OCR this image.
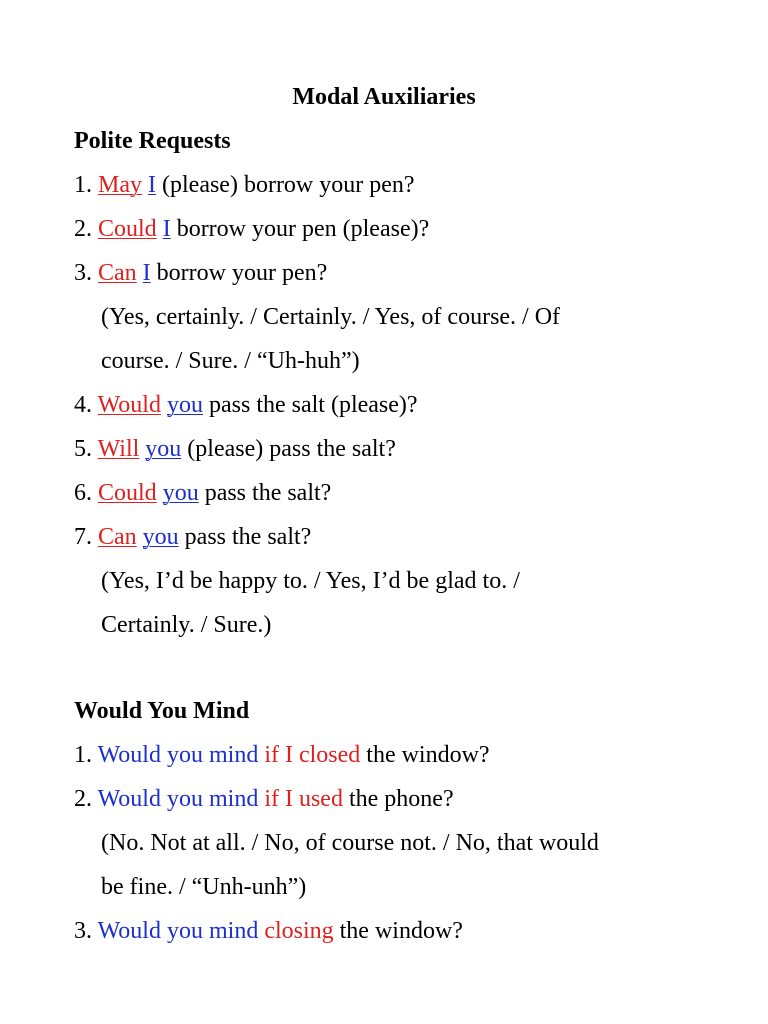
Modal Auxiliaries
Polite Requests
1. May I (please) borrow your pen?
2. Could I borrow your pen (please)?
3. Can I borrow your pen?
(Yes, certainly. / Certainly. / Yes, of course. / Of
course. / Sure. / “Uh-huh”)
4. Would you pass the salt (please)?
5. Will you (please) pass the salt?
6. Could you pass the salt?
7. Can you pass the salt?
(Yes, I’d be happy to. / Yes, I’d be glad to. /
Certainly. / Sure.)
Would You Mind
1. Would you mind if I closed the window?
2. Would you mind if I used the phone?
(No. Not at all. / No, of course not. / No, that would
be fine. / “Unh-unh”)
3. Would you mind closing the window?
